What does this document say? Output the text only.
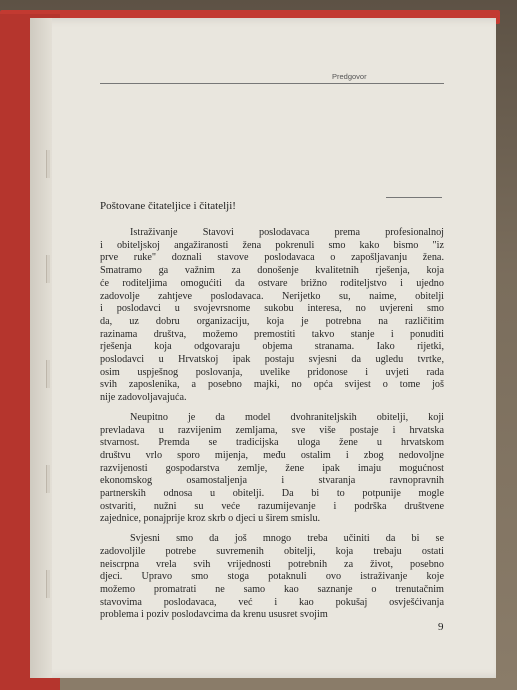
Predgovor
Poštovane čitateljice i čitatelji!
Istraživanje Stavovi poslodavaca prema profesionalnoj
i obiteljskoj angažiranosti žena pokrenuli smo kako bismo "iz
prve ruke" doznali stavove poslodavaca o zapošljavanju žena.
Smatramo ga važnim za donošenje kvalitetnih rješenja, koja
će roditeljima omogućiti da ostvare brižno roditeljstvo i ujedno
zadovolje zahtjeve poslodavaca. Nerijetko su, naime, obitelji
i poslodavci u svojevrsnome sukobu interesa, no uvjereni smo
da, uz dobru organizaciju, koja je potrebna na različitim
razinama društva, možemo premostiti takvo stanje i ponuditi
rješenja koja odgovaraju objema stranama. Iako rijetki,
poslodavci u Hrvatskoj ipak postaju svjesni da ugledu tvrtke,
osim uspješnog poslovanja, uvelike pridonose i uvjeti rada
svih zaposlenika, a posebno majki, no opća svijest o tome još
nije zadovoljavajuća.
Neupitno je da model dvohraniteljskih obitelji, koji
prevladava u razvijenim zemljama, sve više postaje i hrvatska
stvarnost. Premda se tradicijska uloga žene u hrvatskom
društvu vrlo sporo mijenja, među ostalim i zbog nedovoljne
razvijenosti gospodarstva zemlje, žene ipak imaju mogućnost
ekonomskog osamostaljenja i stvaranja ravnopravnih
partnerskih odnosa u obitelji. Da bi to potpunije mogle
ostvariti, nužni su veće razumijevanje i podrška društvene
zajednice, ponajprije kroz skrb o djeci u širem smislu.
Svjesni smo da još mnogo treba učiniti da bi se
zadovoljile potrebe suvremenih obitelji, koja trebaju ostati
neiscrpna vrela svih vrijednosti potrebnih za život, posebno
djeci. Upravo smo stoga potaknuli ovo istraživanje koje
možemo promatrati ne samo kao saznanje o trenutačnim
stavovima poslodavaca, već i kao pokušaj osvješćivanja
problema i poziv poslodavcima da krenu ususret svojim
9
